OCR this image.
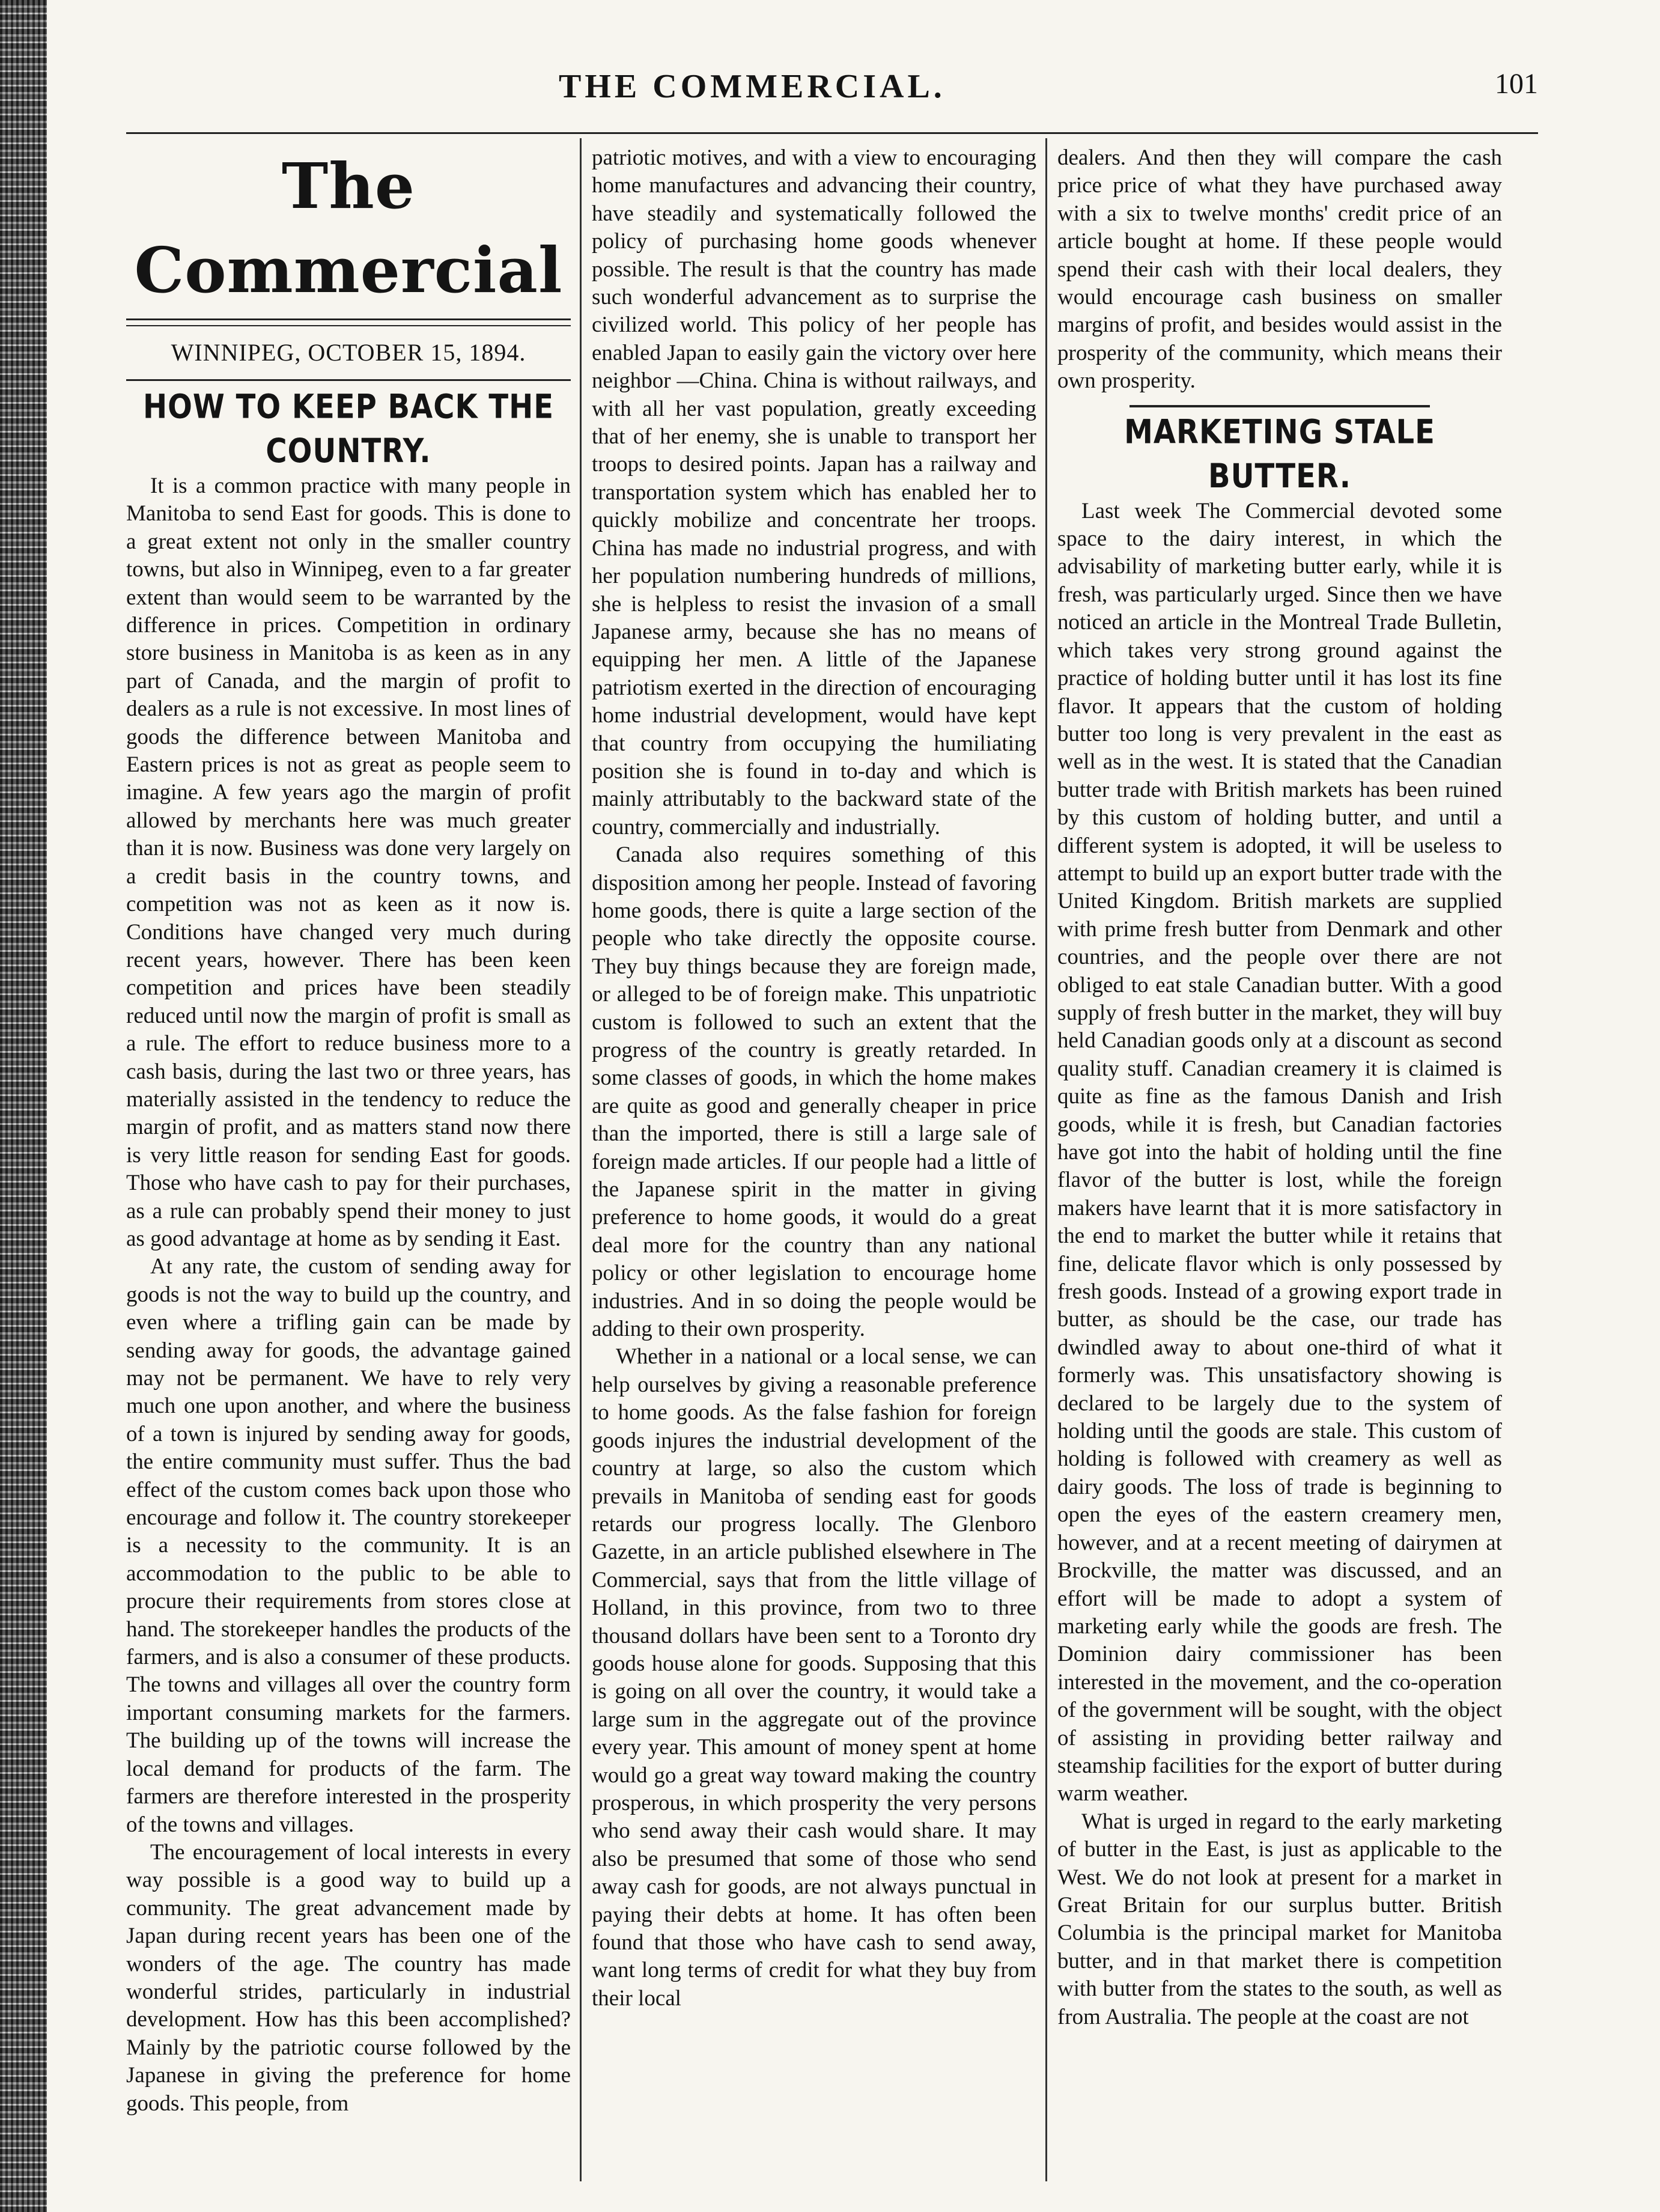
THE COMMERCIAL.	101
The Commercial
WINNIPEG, OCTOBER 15, 1894.
HOW TO KEEP BACK THE COUNTRY.

It is a common practice with many people in Manitoba to send East for goods. This is done to a great extent not only in the smaller country towns, but also in Winnipeg, even to a far greater extent than would seem to be warranted by the difference in prices. Competition in ordinary store business in Manitoba is as keen as in any part of Canada, and the margin of profit to dealers as a rule is not excessive. In most lines of goods the difference between Manitoba and Eastern prices is not as great as people seem to imagine. A few years ago the margin of profit allowed by merchants here was much greater than it is now. Business was done very largely on a credit basis in the country towns, and competition was not as keen as it now is. Conditions have changed very much during recent years, however. There has been keen competition and prices have been steadily reduced until now the margin of profit is small as a rule. The effort to reduce business more to a cash basis, during the last two or three years, has materially assisted in the tendency to reduce the margin of profit, and as matters stand now there is very little reason for sending East for goods. Those who have cash to pay for their purchases, as a rule can probably spend their money to just as good advantage at home as by sending it East.

At any rate, the custom of sending away for goods is not the way to build up the country, and even where a trifling gain can be made by sending away for goods, the advantage gained may not be permanent. We have to rely very much one upon another, and where the business of a town is injured by sending away for goods, the entire community must suffer. Thus the bad effect of the custom comes back upon those who encourage and follow it. The country storekeeper is a necessity to the community. It is an accommodation to the public to be able to procure their requirements from stores close at hand. The storekeeper handles the products of the farmers, and is also a consumer of these products. The towns and villages all over the country form important consuming markets for the farmers. The building up of the towns will increase the local demand for products of the farm. The farmers are therefore interested in the prosperity of the towns and villages.

The encouragement of local interests in every way possible is a good way to build up a community. The great advancement made by Japan during recent years has been one of the wonders of the age. The country has made wonderful strides, particularly in industrial development. How has this been accomplished? Mainly by the patriotic course followed by the Japanese in giving the preference for home goods. This people, from

patriotic motives, and with a view to encouraging home manufactures and advancing their country, have steadily and systematically followed the policy of purchasing home goods whenever possible. The result is that the country has made such wonderful advancement as to surprise the civilized world. This policy of her people has enabled Japan to easily gain the victory over here neighbor —China. China is without railways, and with all her vast population, greatly exceeding that of her enemy, she is unable to transport her troops to desired points. Japan has a railway and transportation system which has enabled her to quickly mobilize and concentrate her troops. China has made no industrial progress, and with her population numbering hundreds of millions, she is helpless to resist the invasion of a small Japanese army, because she has no means of equipping her men. A little of the Japanese patriotism exerted in the direction of encouraging home industrial development, would have kept that country from occupying the humiliating position she is found in to-day and which is mainly attributably to the backward state of the country, commercially and industrially.

Canada also requires something of this disposition among her people. Instead of favoring home goods, there is quite a large section of the people who take directly the opposite course. They buy things because they are foreign made, or alleged to be of foreign make. This unpatriotic custom is followed to such an extent that the progress of the country is greatly retarded. In some classes of goods, in which the home makes are quite as good and generally cheaper in price than the imported, there is still a large sale of foreign made articles. If our people had a little of the Japanese spirit in the matter in giving preference to home goods, it would do a great deal more for the country than any national policy or other legislation to encourage home industries. And in so doing the people would be adding to their own prosperity.

Whether in a national or a local sense, we can help ourselves by giving a reasonable preference to home goods. As the false fashion for foreign goods injures the industrial development of the country at large, so also the custom which prevails in Manitoba of sending east for goods retards our progress locally. The Glenboro Gazette, in an article published elsewhere in The Commercial, says that from the little village of Holland, in this province, from two to three thousand dollars have been sent to a Toronto dry goods house alone for goods. Supposing that this is going on all over the country, it would take a large sum in the aggregate out of the province every year. This amount of money spent at home would go a great way toward making the country prosperous, in which prosperity the very persons who send away their cash would share. It may also be presumed that some of those who send away cash for goods, are not always punctual in paying their debts at home. It has often been found that those who have cash to send away, want long terms of credit for what they buy from their local

dealers. And then they will compare the cash price price of what they have purchased away with a six to twelve months' credit price of an article bought at home. If these people would spend their cash with their local dealers, they would encourage cash business on smaller margins of profit, and besides would assist in the prosperity of the community, which means their own prosperity.

MARKETING STALE BUTTER.

Last week The Commercial devoted some space to the dairy interest, in which the advisability of marketing butter early, while it is fresh, was particularly urged. Since then we have noticed an article in the Montreal Trade Bulletin, which takes very strong ground against the practice of holding butter until it has lost its fine flavor. It appears that the custom of holding butter too long is very prevalent in the east as well as in the west. It is stated that the Canadian butter trade with British markets has been ruined by this custom of holding butter, and until a different system is adopted, it will be useless to attempt to build up an export butter trade with the United Kingdom. British markets are supplied with prime fresh butter from Denmark and other countries, and the people over there are not obliged to eat stale Canadian butter. With a good supply of fresh butter in the market, they will buy held Canadian goods only at a discount as second quality stuff. Canadian creamery it is claimed is quite as fine as the famous Danish and Irish goods, while it is fresh, but Canadian factories have got into the habit of holding until the fine flavor of the butter is lost, while the foreign makers have learnt that it is more satisfactory in the end to market the butter while it retains that fine, delicate flavor which is only possessed by fresh goods. Instead of a growing export trade in butter, as should be the case, our trade has dwindled away to about one-third of what it formerly was. This unsatisfactory showing is declared to be largely due to the system of holding until the goods are stale. This custom of holding is followed with creamery as well as dairy goods. The loss of trade is beginning to open the eyes of the eastern creamery men, however, and at a recent meeting of dairymen at Brockville, the matter was discussed, and an effort will be made to adopt a system of marketing early while the goods are fresh. The Dominion dairy commissioner has been interested in the movement, and the co-operation of the government will be sought, with the object of assisting in providing better railway and steamship facilities for the export of butter during warm weather.

What is urged in regard to the early marketing of butter in the East, is just as applicable to the West. We do not look at present for a market in Great Britain for our surplus butter. British Columbia is the principal market for Manitoba butter, and in that market there is competition with butter from the states to the south, as well as from Australia. The people at the coast are not
